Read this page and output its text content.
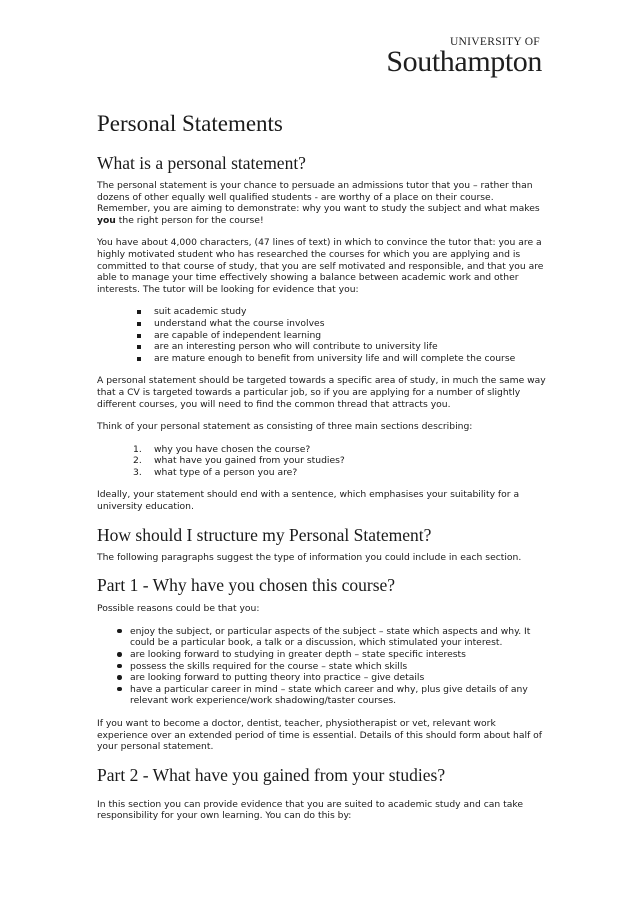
UNIVERSITY OF
Southampton
Personal Statements
What is a personal statement?

The personal statement is your chance to persuade an admissions tutor that you – rather than dozens of other equally well qualified students - are worthy of a place on their course. Remember, you are aiming to demonstrate: why you want to study the subject and what makes you the right person for the course!

You have about 4,000 characters, (47 lines of text) in which to convince the tutor that: you are a highly motivated student who has researched the courses for which you are applying and is committed to that course of study, that you are self motivated and responsible, and that you are able to manage your time effectively showing a balance between academic work and other interests. The tutor will be looking for evidence that you:

suit academic study
understand what the course involves
are capable of independent learning
are an interesting person who will contribute to university life
are mature enough to benefit from university life and will complete the course

A personal statement should be targeted towards a specific area of study, in much the same way that a CV is targeted towards a particular job, so if you are applying for a number of slightly different courses, you will need to find the common thread that attracts you.

Think of your personal statement as consisting of three main sections describing:

1. why you have chosen the course?
2. what have you gained from your studies?
3. what type of a person you are?

Ideally, your statement should end with a sentence, which emphasises your suitability for a university education.

How should I structure my Personal Statement?

The following paragraphs suggest the type of information you could include in each section.

Part 1 - Why have you chosen this course?

Possible reasons could be that you:

enjoy the subject, or particular aspects of the subject – state which aspects and why. It could be a particular book, a talk or a discussion, which stimulated your interest.
are looking forward to studying in greater depth – state specific interests
possess the skills required for the course – state which skills
are looking forward to putting theory into practice – give details
have a particular career in mind – state which career and why, plus give details of any relevant work experience/work shadowing/taster courses.

If you want to become a doctor, dentist, teacher, physiotherapist or vet, relevant work experience over an extended period of time is essential. Details of this should form about half of your personal statement.

Part 2 - What have you gained from your studies?

In this section you can provide evidence that you are suited to academic study and can take responsibility for your own learning. You can do this by:
